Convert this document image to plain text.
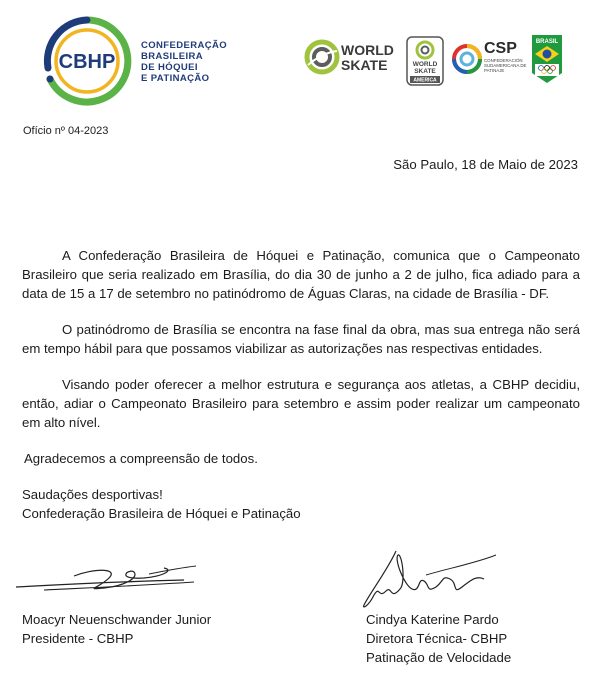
CBHP
CONFEDERAÇÃO
BRASILEIRA
DE HÓQUEI
E PATINAÇÃO
WORLD
SKATE	WORLD
SKATE
AMERICA
CSP
CONFEDERACIÓN SUDAMERICANA DE PATINAJE
BRASIL
Ofício nº 04-2023
São Paulo, 18 de Maio de 2023
A Confederação Brasileira de Hóquei e Patinação, comunica que o Campeonato Brasileiro que seria realizado em Brasília, do dia 30 de junho a 2 de julho, fica adiado para a data de 15 a 17 de setembro no patinódromo de Águas Claras, na cidade de Brasília - DF.
O patinódromo de Brasília se encontra na fase final da obra, mas sua entrega não será em tempo hábil para que possamos viabilizar as autorizações nas respectivas entidades.
Visando poder oferecer a melhor estrutura e segurança aos atletas, a CBHP decidiu, então, adiar o Campeonato Brasileiro para setembro e assim poder realizar um campeonato em alto nível.
Agradecemos a compreensão de todos.
Saudações desportivas!
Confederação Brasileira de Hóquei e Patinação
Moacyr Neuenschwander Junior
Presidente - CBHP
Cindya Katerine Pardo
Diretora Técnica- CBHP
Patinação de Velocidade
